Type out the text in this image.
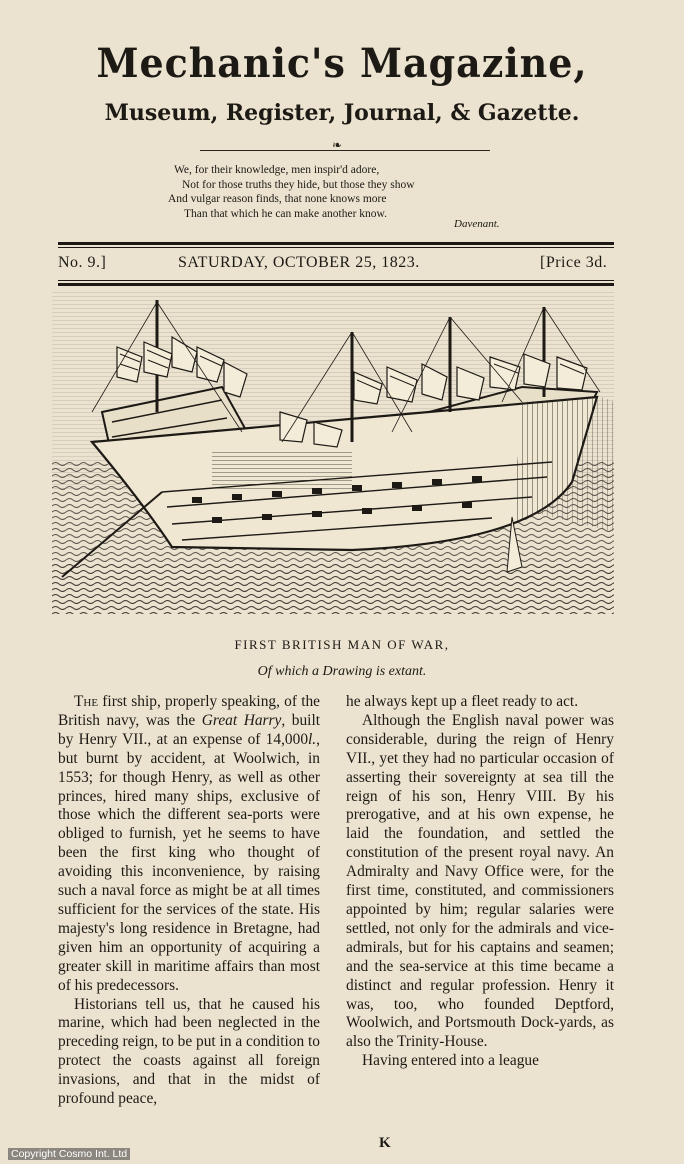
Mechanic's Magazine,
Museum, Register, Journal, & Gazette.
❧
We, for their knowledge, men inspir'd adore,
Not for those truths they hide, but those they show
And vulgar reason finds, that none knows more
Than that which he can make another know.
Davenant.
No. 9.]	SATURDAY, OCTOBER 25, 1823.	[Price 3d.
FIRST BRITISH MAN OF WAR,
Of which a Drawing is extant.

The first ship, properly speaking, of the British navy, was the Great Harry, built by Henry VII., at an expense of 14,000l., but burnt by accident, at Woolwich, in 1553; for though Henry, as well as other princes, hired many ships, exclusive of those which the different sea-ports were obliged to furnish, yet he seems to have been the first king who thought of avoiding this inconvenience, by raising such a naval force as might be at all times sufficient for the services of the state. His majesty's long residence in Bretagne, had given him an opportunity of acquiring a greater skill in maritime affairs than most of his predecessors.

Historians tell us, that he caused his marine, which had been neglected in the preceding reign, to be put in a condition to protect the coasts against all foreign invasions, and that in the midst of profound peace,

he always kept up a fleet ready to act.

Although the English naval power was considerable, during the reign of Henry VII., yet they had no particular occasion of asserting their sovereignty at sea till the reign of his son, Henry VIII. By his prerogative, and at his own expense, he laid the foundation, and settled the constitution of the present royal navy. An Admiralty and Navy Office were, for the first time, constituted, and commissioners appointed by him; regular salaries were settled, not only for the admirals and vice-admirals, but for his captains and seamen; and the sea-service at this time became a distinct and regular profession. Henry it was, too, who founded Deptford, Woolwich, and Portsmouth Dock-yards, as also the Trinity-House.

Having entered into a league

K
Copyright Cosmo Int. Ltd
